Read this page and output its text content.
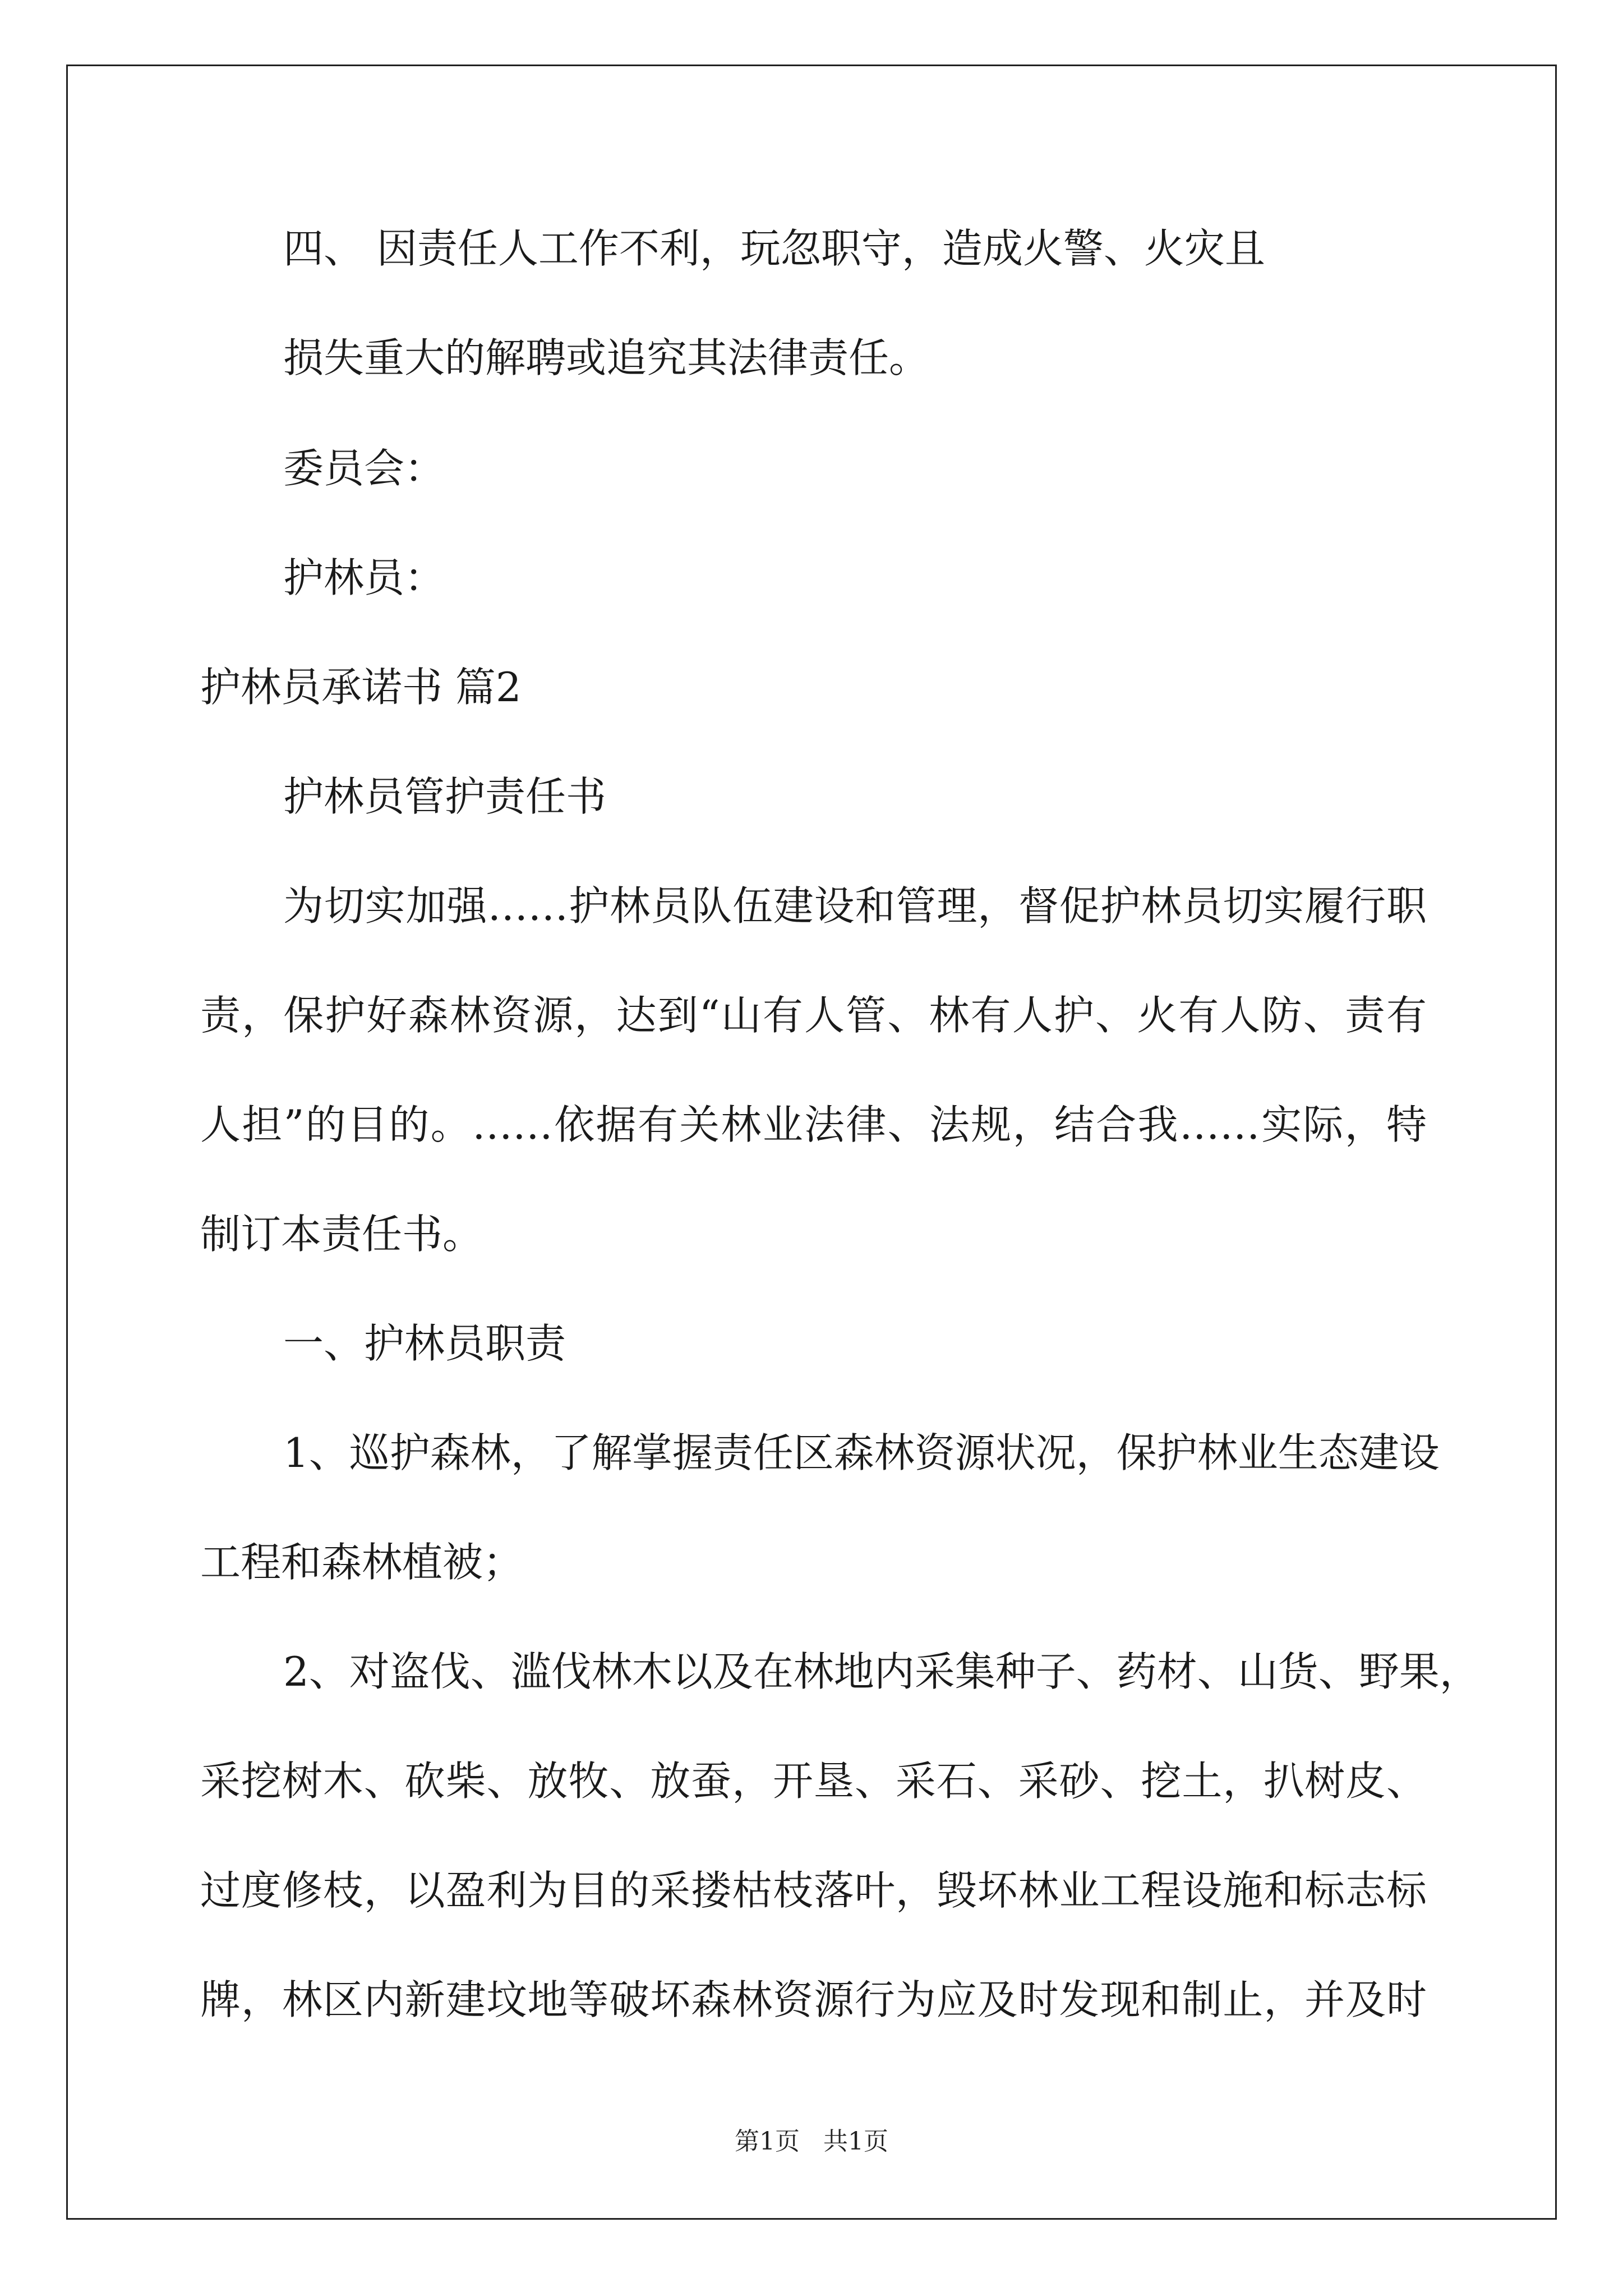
四、 因责任人工作不利，玩忽职守，造成火警、火灾且

损失重大的解聘或追究其法律责任。

委员会：

护林员：

护林员承诺书 篇2

护林员管护责任书

为切实加强……护林员队伍建设和管理，督促护林员切实履行职

责，保护好森林资源，达到“山有人管、林有人护、火有人防、责有

人担”的目的。……依据有关林业法律、法规，结合我……实际，特

制订本责任书。

一、护林员职责

1、巡护森林，了解掌握责任区森林资源状况，保护林业生态建设

工程和森林植被；

2、对盗伐、滥伐林木以及在林地内采集种子、药材、山货、野果，

采挖树木、砍柴、放牧、放蚕，开垦、采石、采砂、挖土，扒树皮、

过度修枝，以盈利为目的采搂枯枝落叶，毁坏林业工程设施和标志标

牌，林区内新建坟地等破坏森林资源行为应及时发现和制止，并及时

第1页   共1页
